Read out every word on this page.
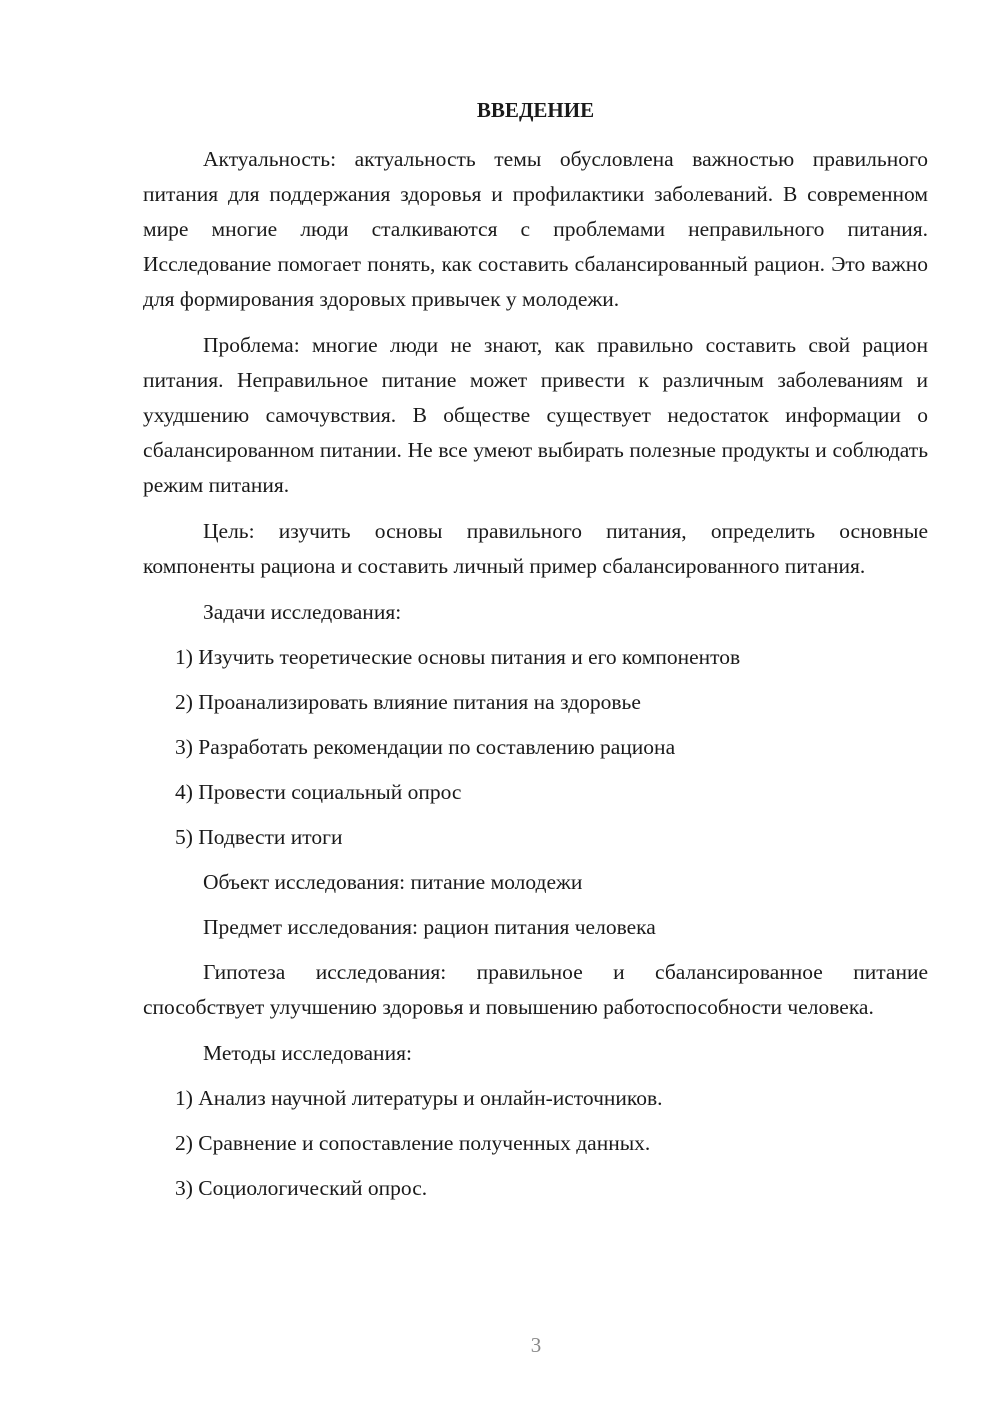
ВВЕДЕНИЕ

Актуальность: актуальность темы обусловлена важностью правильного питания для поддержания здоровья и профилактики заболеваний. В современном мире многие люди сталкиваются с проблемами неправильного питания. Исследование помогает понять, как составить сбалансированный рацион. Это важно для формирования здоровых привычек у молодежи.

Проблема: многие люди не знают, как правильно составить свой рацион питания. Неправильное питание может привести к различным заболеваниям и ухудшению самочувствия. В обществе существует недостаток информации о сбалансированном питании. Не все умеют выбирать полезные продукты и соблюдать режим питания.

Цель: изучить основы правильного питания, определить основные компоненты рациона и составить личный пример сбалансированного питания.

Задачи исследования:

1) Изучить теоретические основы питания и его компонентов
2) Проанализировать влияние питания на здоровье
3) Разработать рекомендации по составлению рациона
4) Провести социальный опрос
5) Подвести итоги

Объект исследования: питание молодежи

Предмет исследования: рацион питания человека

Гипотеза исследования: правильное и сбалансированное питание способствует улучшению здоровья и повышению работоспособности человека.

Методы исследования:

1) Анализ научной литературы и онлайн-источников.
2) Сравнение и сопоставление полученных данных.
3) Социологический опрос.
3
